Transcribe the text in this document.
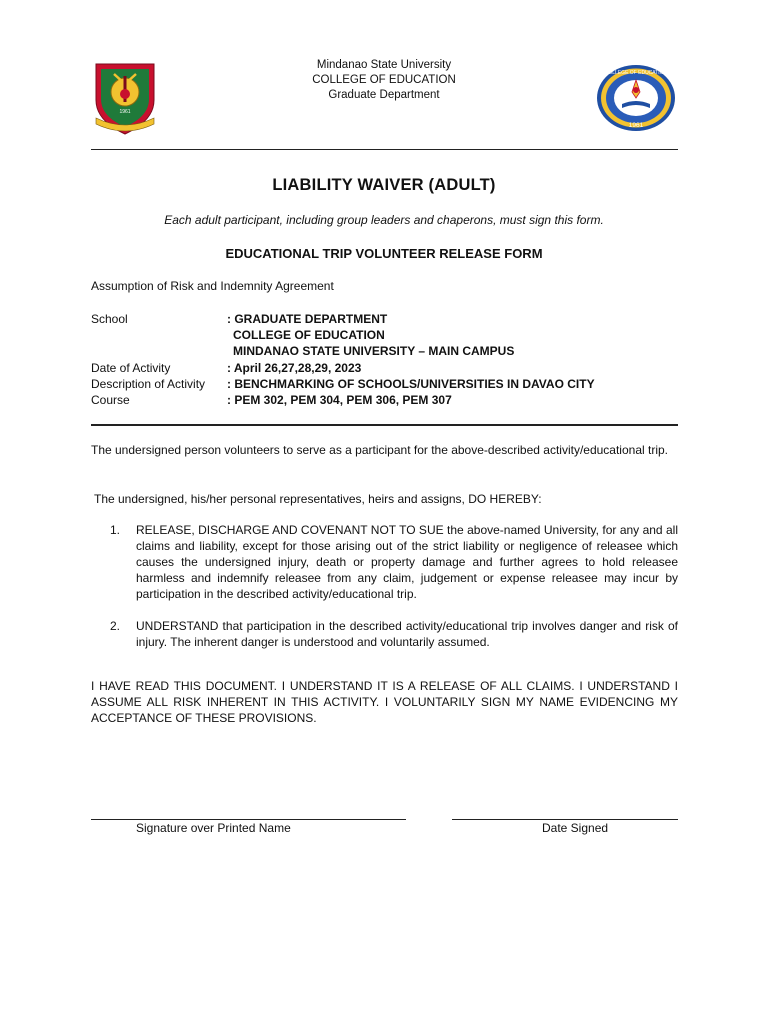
1961
Mindanao State University
COLLEGE OF EDUCATION
Graduate Department
1961
COLLEGE OF EDUCATION
LIABILITY WAIVER (ADULT)
Each adult participant, including group leaders and chaperons, must sign this form.
EDUCATIONAL TRIP VOLUNTEER RELEASE FORM
Assumption of Risk and Indemnity Agreement
School	: GRADUATE DEPARTMENT
COLLEGE OF EDUCATION
MINDANAO STATE UNIVERSITY – MAIN CAMPUS
Date of Activity	: April 26,27,28,29, 2023
Description of Activity	: BENCHMARKING OF SCHOOLS/UNIVERSITIES IN DAVAO CITY
Course	: PEM 302, PEM 304, PEM 306, PEM 307
The undersigned person volunteers to serve as a participant for the above-described activity/educational trip.
The undersigned, his/her personal representatives, heirs and assigns, DO HEREBY:
1.	RELEASE, DISCHARGE AND COVENANT NOT TO SUE the above-named University, for any and all claims and liability, except for those arising out of the strict liability or negligence of releasee which causes the undersigned injury, death or property damage and further agrees to hold releasee harmless and indemnify releasee from any claim, judgement or expense releasee may incur by participation in the described activity/educational trip.
2.	UNDERSTAND that participation in the described activity/educational trip involves danger and risk of injury. The inherent danger is understood and voluntarily assumed.
I HAVE READ THIS DOCUMENT. I UNDERSTAND IT IS A RELEASE OF ALL CLAIMS. I UNDERSTAND I ASSUME ALL RISK INHERENT IN THIS ACTIVITY. I VOLUNTARILY SIGN MY NAME EVIDENCING MY ACCEPTANCE OF THESE PROVISIONS.
Signature over Printed Name	Date Signed
